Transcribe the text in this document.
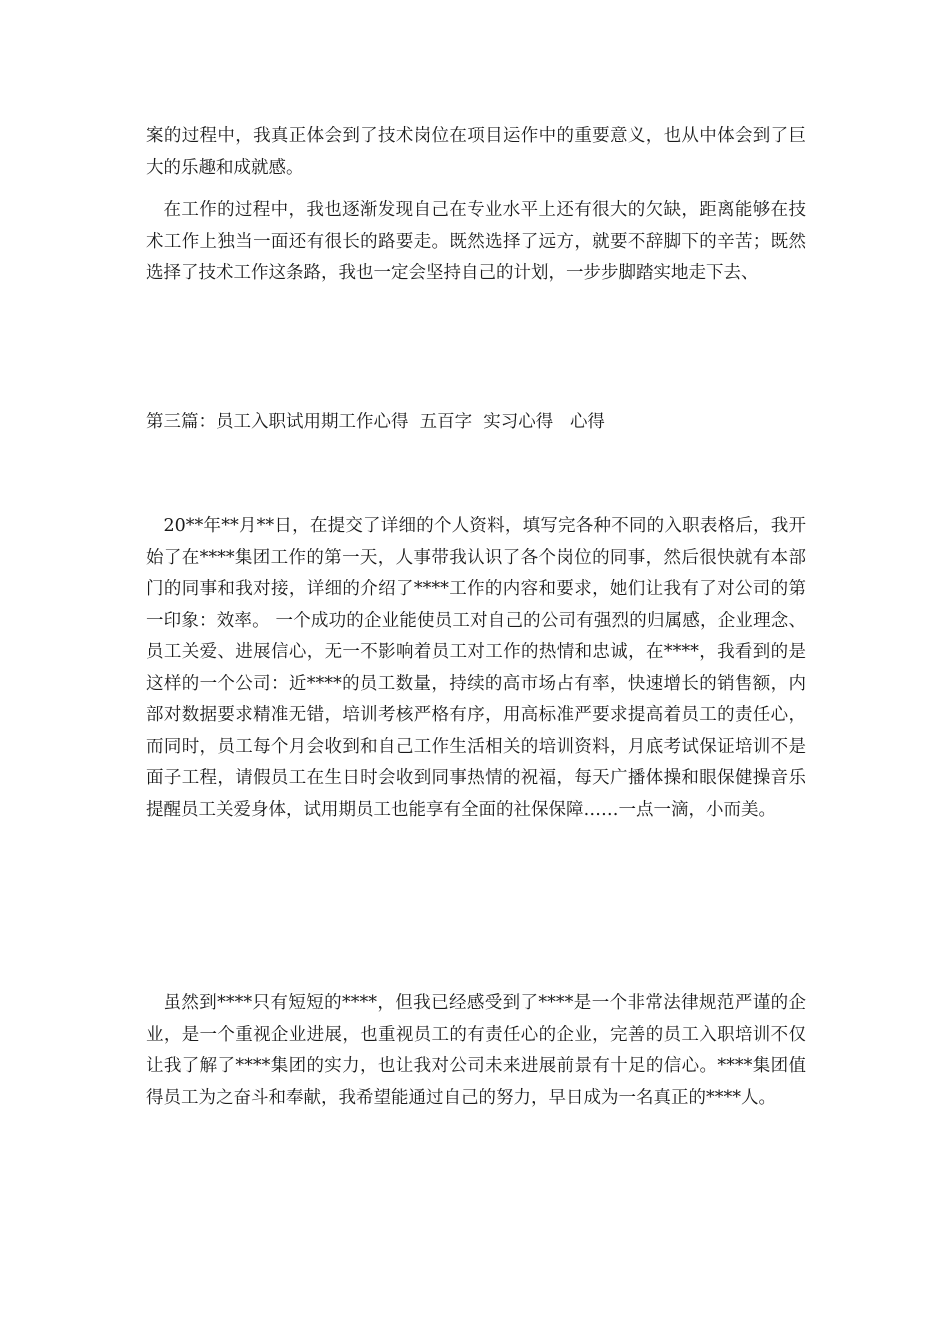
案的过程中，我真正体会到了技术岗位在项目运作中的重要意义，也从中体会到了巨大的乐趣和成就感。

在工作的过程中，我也逐渐发现自己在专业水平上还有很大的欠缺，距离能够在技术工作上独当一面还有很长的路要走。既然选择了远方，就要不辞脚下的辛苦；既然选择了技术工作这条路，我也一定会坚持自己的计划，一步步脚踏实地走下去、

第三篇：员工入职试用期工作心得  五百字  实习心得   心得

20**年**月**日，在提交了详细的个人资料，填写完各种不同的入职表格后，我开始了在****集团工作的第一天，人事带我认识了各个岗位的同事，然后很快就有本部门的同事和我对接，详细的介绍了****工作的内容和要求，她们让我有了对公司的第一印象：效率。 一个成功的企业能使员工对自己的公司有强烈的归属感，企业理念、员工关爱、进展信心，无一不影响着员工对工作的热情和忠诚，在****，我看到的是这样的一个公司：近****的员工数量，持续的高市场占有率，快速增长的销售额，内部对数据要求精准无错，培训考核严格有序，用高标准严要求提高着员工的责任心，而同时，员工每个月会收到和自己工作生活相关的培训资料，月底考试保证培训不是面子工程，请假员工在生日时会收到同事热情的祝福，每天广播体操和眼保健操音乐提醒员工关爱身体，试用期员工也能享有全面的社保保障……一点一滴，小而美。

虽然到****只有短短的****，但我已经感受到了****是一个非常法律规范严谨的企业，是一个重视企业进展，也重视员工的有责任心的企业，完善的员工入职培训不仅让我了解了****集团的实力，也让我对公司未来进展前景有十足的信心。****集团值得员工为之奋斗和奉献，我希望能通过自己的努力，早日成为一名真正的****人。
